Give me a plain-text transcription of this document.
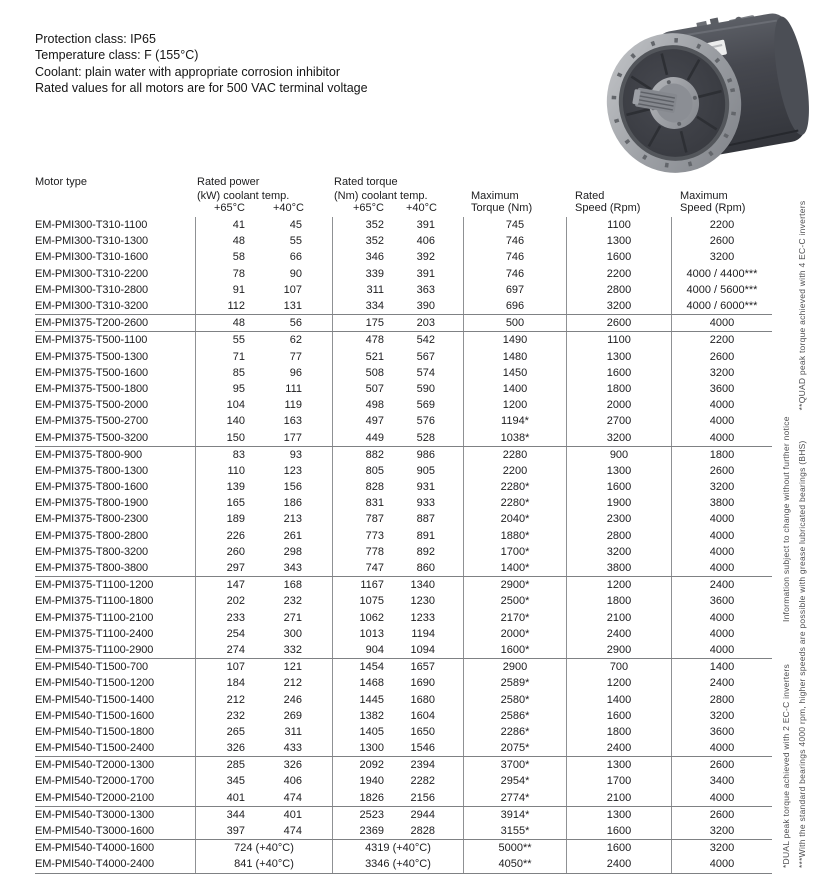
Protection class: IP65
Temperature class: F (155°C)
Coolant: plain water with appropriate corrosion inhibitor
Rated values for all motors are for 500 VAC terminal voltage
Motor type	Rated power	Rated torque
(kW) coolant temp.	(Nm) coolant temp.	Maximum	Rated	Maximum
+65°C	+40°C	+65°C	+40°C	Torque (Nm)	Speed (Rpm)	Speed (Rpm)
EM-PMI300-T310-1100	41	45	352	391	745	1100	2200
EM-PMI300-T310-1300	48	55	352	406	746	1300	2600
EM-PMI300-T310-1600	58	66	346	392	746	1600	3200
EM-PMI300-T310-2200	78	90	339	391	746	2200	4000 / 4400***
EM-PMI300-T310-2800	91	107	311	363	697	2800	4000 / 5600***
EM-PMI300-T310-3200	112	131	334	390	696	3200	4000 / 6000***
EM-PMI375-T200-2600	48	56	175	203	500	2600	4000
EM-PMI375-T500-1100	55	62	478	542	1490	1100	2200
EM-PMI375-T500-1300	71	77	521	567	1480	1300	2600
EM-PMI375-T500-1600	85	96	508	574	1450	1600	3200
EM-PMI375-T500-1800	95	111	507	590	1400	1800	3600
EM-PMI375-T500-2000	104	119	498	569	1200	2000	4000
EM-PMI375-T500-2700	140	163	497	576	1194*	2700	4000
EM-PMI375-T500-3200	150	177	449	528	1038*	3200	4000
EM-PMI375-T800-900	83	93	882	986	2280	900	1800
EM-PMI375-T800-1300	110	123	805	905	2200	1300	2600
EM-PMI375-T800-1600	139	156	828	931	2280*	1600	3200
EM-PMI375-T800-1900	165	186	831	933	2280*	1900	3800
EM-PMI375-T800-2300	189	213	787	887	2040*	2300	4000
EM-PMI375-T800-2800	226	261	773	891	1880*	2800	4000
EM-PMI375-T800-3200	260	298	778	892	1700*	3200	4000
EM-PMI375-T800-3800	297	343	747	860	1400*	3800	4000
EM-PMI375-T1100-1200	147	168	1167	1340	2900*	1200	2400
EM-PMI375-T1100-1800	202	232	1075	1230	2500*	1800	3600
EM-PMI375-T1100-2100	233	271	1062	1233	2170*	2100	4000
EM-PMI375-T1100-2400	254	300	1013	1194	2000*	2400	4000
EM-PMI375-T1100-2900	274	332	904	1094	1600*	2900	4000
EM-PMI540-T1500-700	107	121	1454	1657	2900	700	1400
EM-PMI540-T1500-1200	184	212	1468	1690	2589*	1200	2400
EM-PMI540-T1500-1400	212	246	1445	1680	2580*	1400	2800
EM-PMI540-T1500-1600	232	269	1382	1604	2586*	1600	3200
EM-PMI540-T1500-1800	265	311	1405	1650	2286*	1800	3600
EM-PMI540-T1500-2400	326	433	1300	1546	2075*	2400	4000
EM-PMI540-T2000-1300	285	326	2092	2394	3700*	1300	2600
EM-PMI540-T2000-1700	345	406	1940	2282	2954*	1700	3400
EM-PMI540-T2000-2100	401	474	1826	2156	2774*	2100	4000
EM-PMI540-T3000-1300	344	401	2523	2944	3914*	1300	2600
EM-PMI540-T3000-1600	397	474	2369	2828	3155*	1600	3200
EM-PMI540-T4000-1600	724 (+40°C)	4319 (+40°C)	5000**	1600	3200
EM-PMI540-T4000-2400	841 (+40°C)	3346 (+40°C)	4050**	2400	4000	*DUAL peak torque achieved with 2 EC-C inverters
Information subject to change without further notice ***With the standard bearings 4000 rpm, higher speeds are possible with grease lubricated bearings (BHS)
**QUAD peak torque achieved with 4 EC-C inverters
